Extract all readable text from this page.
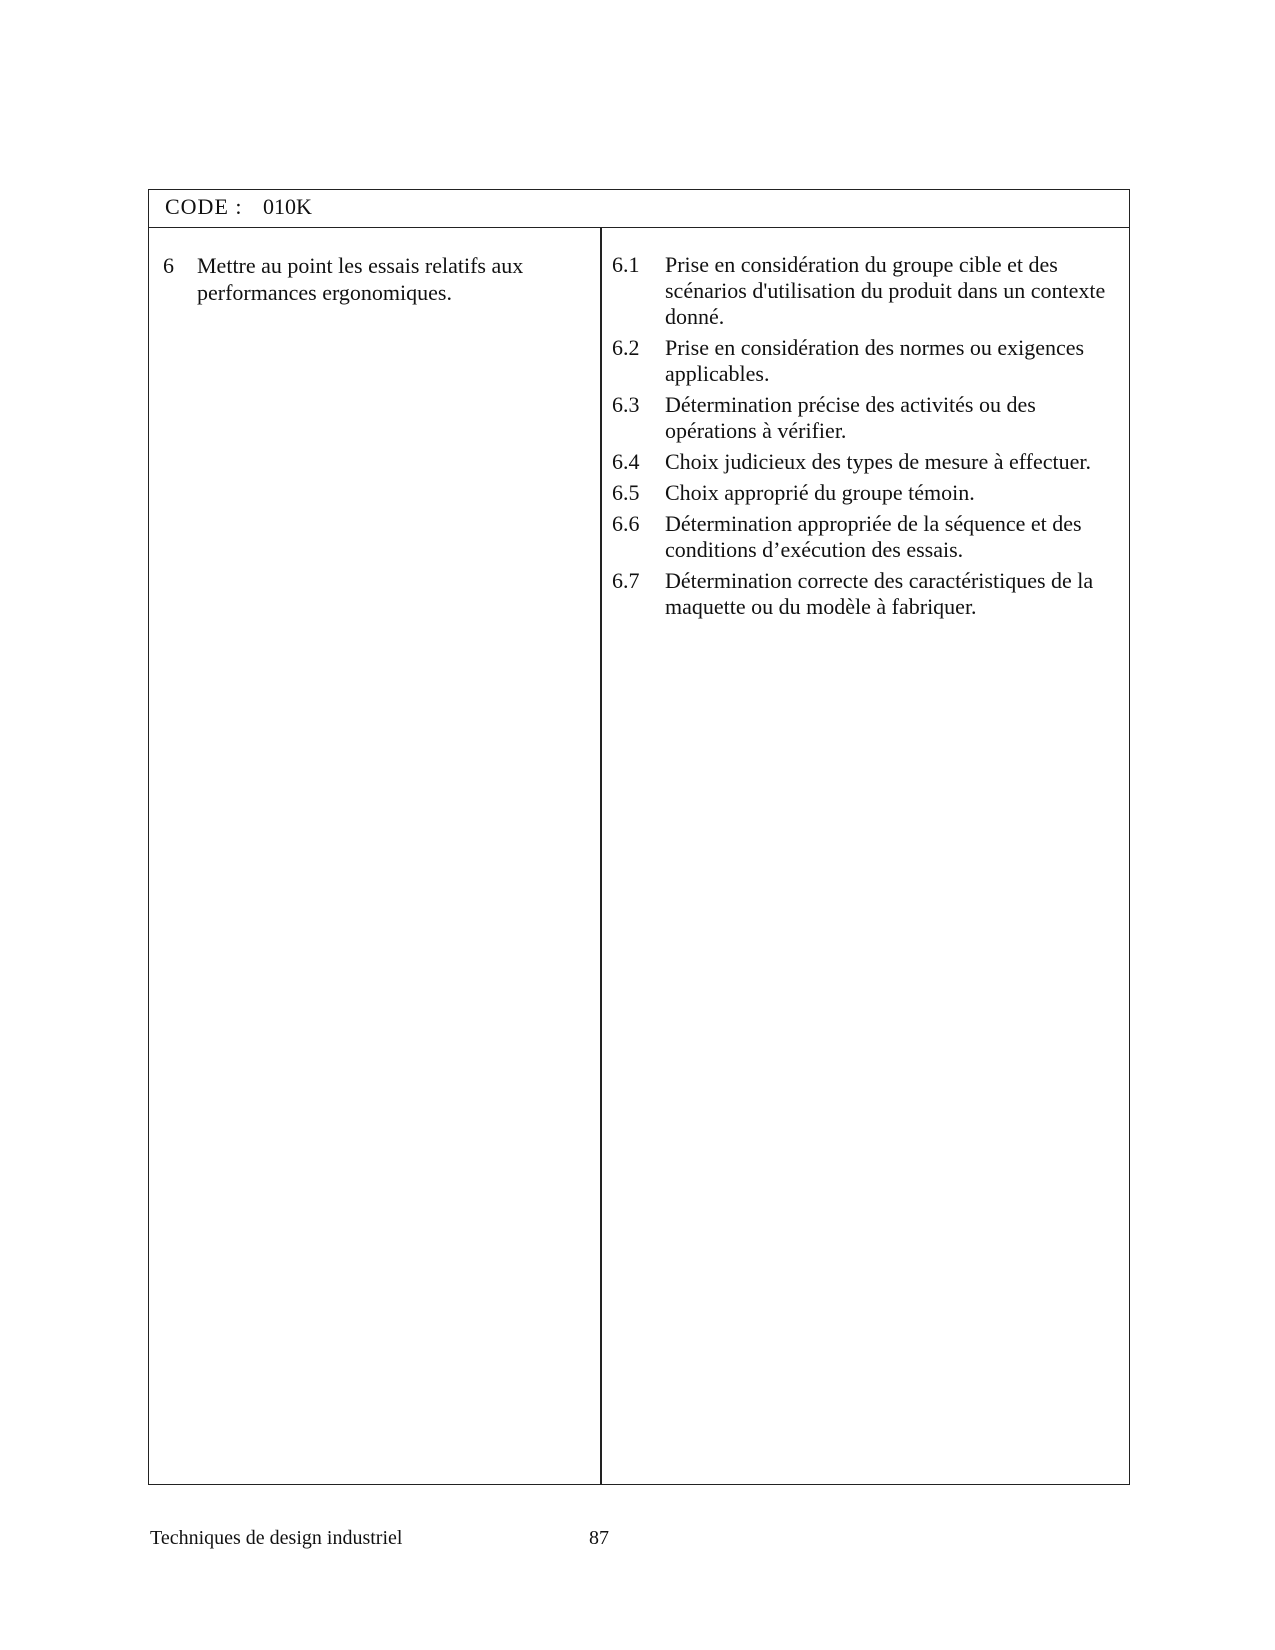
CODE : 010K
6 Mettre au point les essais relatifs aux performances ergonomiques.
6.1 Prise en considération du groupe cible et des scénarios d'utilisation du produit dans un contexte donné.
6.2 Prise en considération des normes ou exigences applicables.
6.3 Détermination précise des activités ou des opérations à vérifier.
6.4 Choix judicieux des types de mesure à effectuer.
6.5 Choix approprié du groupe témoin.
6.6 Détermination appropriée de la séquence et des conditions d’exécution des essais.
6.7 Détermination correcte des caractéristiques de la maquette ou du modèle à fabriquer.
Techniques de design industriel	87
